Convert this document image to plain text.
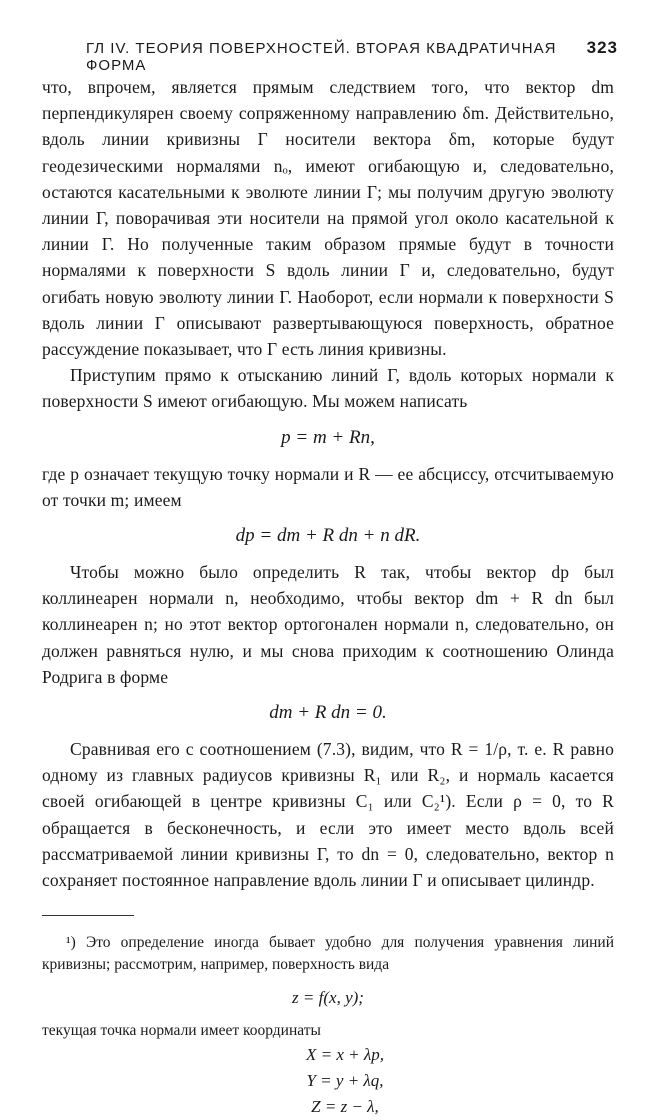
ГЛ IV. ТЕОРИЯ ПОВЕРХНОСТЕЙ. ВТОРАЯ КВАДРАТИЧНАЯ ФОРМА
323

что, впрочем, является прямым следствием того, что вектор dm перпендикулярен своему сопряженному направлению δm. Действительно, вдоль линии кривизны Γ носители вектора δm, которые будут геодезическими нормалями nₒ, имеют огибающую и, следовательно, остаются касательными к эволюте линии Γ; мы получим другую эволюту линии Γ, поворачивая эти носители на прямой угол около касательной к линии Γ. Но полученные таким образом прямые будут в точности нормалями к поверхности S вдоль линии Γ и, следовательно, будут огибать новую эволюту линии Γ. Наоборот, если нормали к поверхности S вдоль линии Γ описывают развертывающуюся поверхность, обратное рассуждение показывает, что Γ есть линия кривизны.

Приступим прямо к отысканию линий Γ, вдоль которых нормали к поверхности S имеют огибающую. Мы можем написать

p = m + Rn,

где p означает текущую точку нормали и R — ее абсциссу, отсчитываемую от точки m; имеем

dp = dm + R dn + n dR.

Чтобы можно было определить R так, чтобы вектор dp был коллинеарен нормали n, необходимо, чтобы вектор dm + R dn был коллинеарен n; но этот вектор ортогонален нормали n, следовательно, он должен равняться нулю, и мы снова приходим к соотношению Олинда Родрига в форме

dm + R dn = 0.

Сравнивая его с соотношением (7.3), видим, что R = 1/ρ, т. е. R равно одному из главных радиусов кривизны R₁ или R₂, и нормаль касается своей огибающей в центре кривизны C₁ или C₂¹). Если ρ = 0, то R обращается в бесконечность, и если это имеет место вдоль всей рассматриваемой линии кривизны Γ, то dn = 0, следовательно, вектор n сохраняет постоянное направление вдоль линии Γ и описывает цилиндр.

¹) Это определение иногда бывает удобно для получения уравнения линий кривизны; рассмотрим, например, поверхность вида

z = f(x, y);

текущая точка нормали имеет координаты

X = x + λp,
Y = y + λq,
Z = z − λ,
